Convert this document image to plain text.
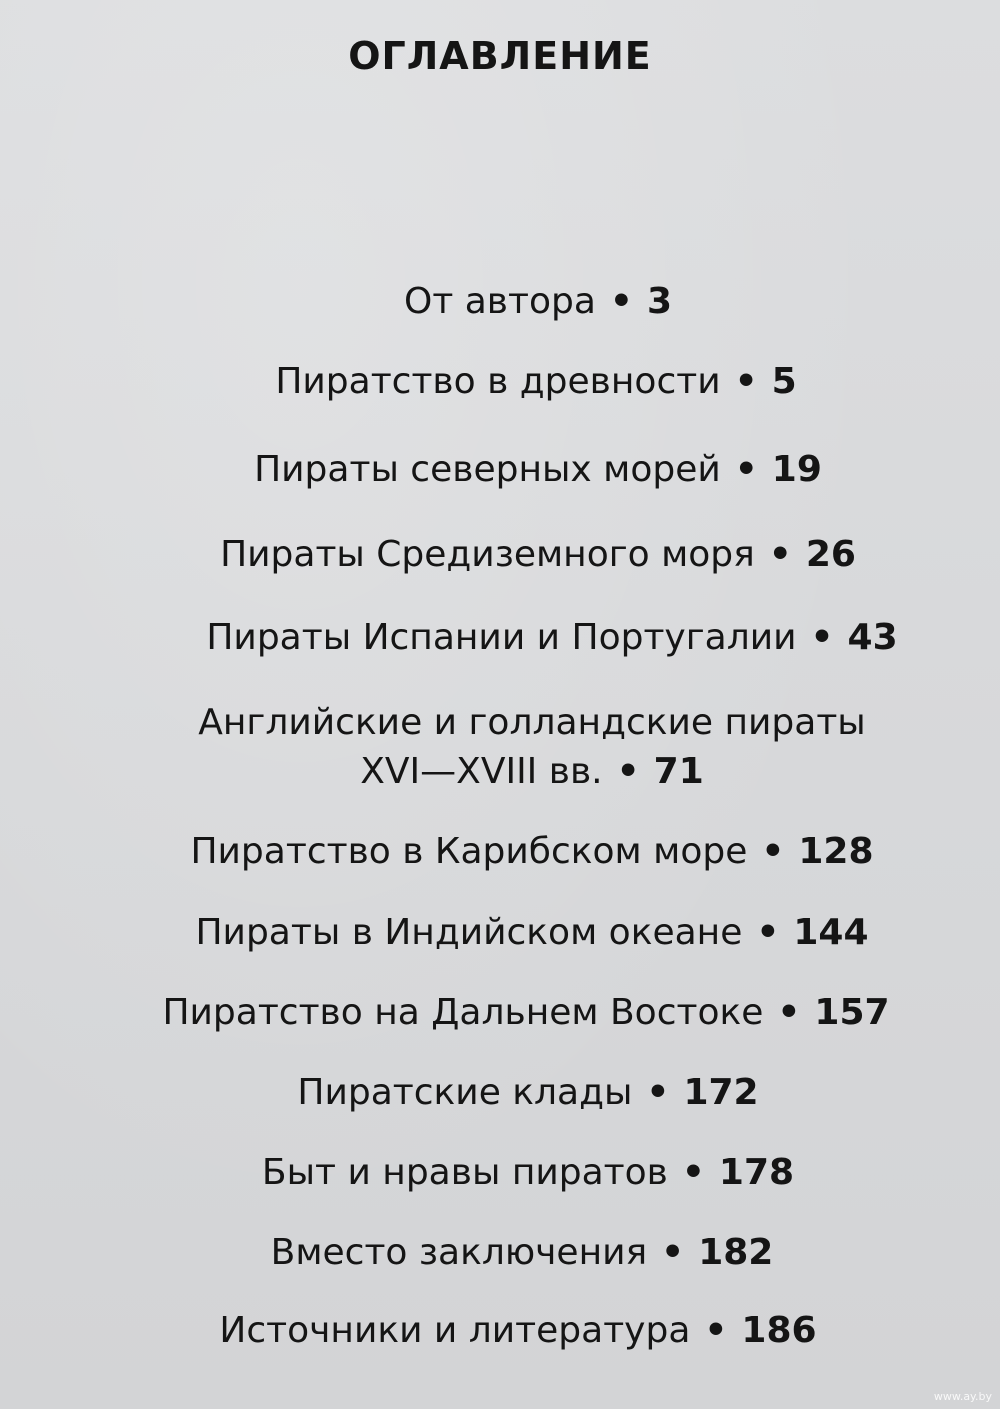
ОГЛАВЛЕНИЕ
От автора • 3
Пиратство в древности • 5
Пираты северных морей • 19
Пираты Средиземного моря • 26
Пираты Испании и Португалии • 43
Английские и голландские пираты
XVI—XVIII вв. • 71
Пиратство в Карибском море • 128
Пираты в Индийском океане • 144
Пиратство на Дальнем Востоке • 157
Пиратские клады • 172
Быт и нравы пиратов • 178
Вместо заключения • 182
Источники и литература • 186
www.ay.by
